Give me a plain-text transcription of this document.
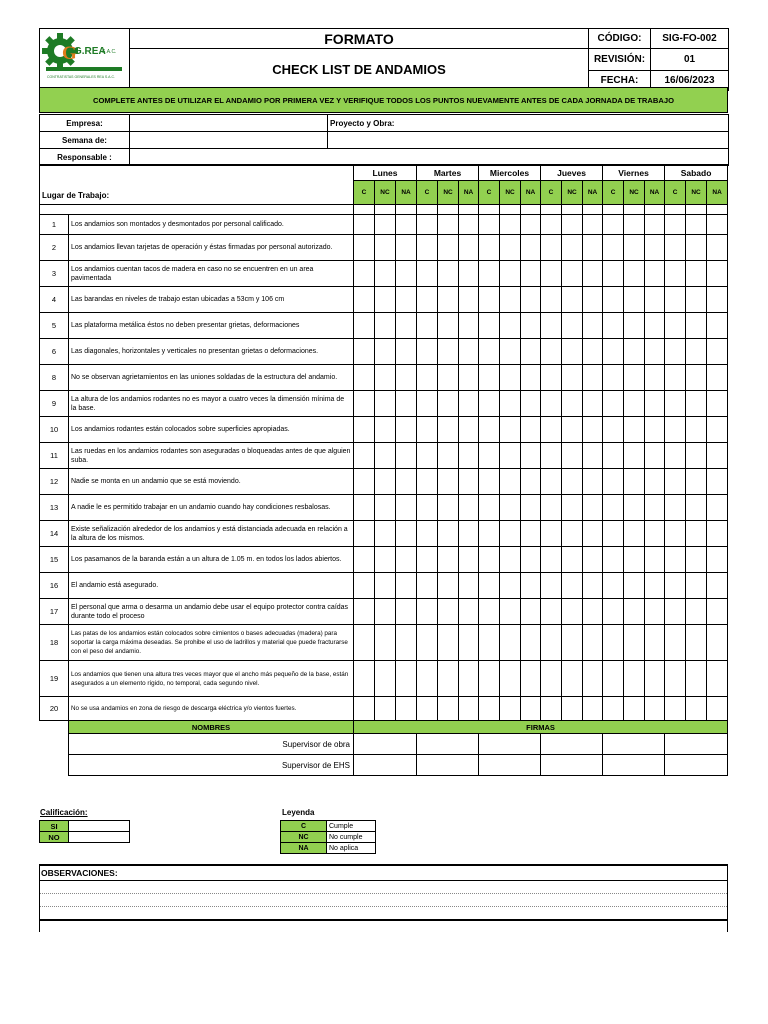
G
G.REA
S.A.C.
CONTRATISTAS GENERALES REA S.A.C.	FORMATO	CÓDIGO:	SIG-FO-002
	CHECK LIST DE ANDAMIOS	REVISIÓN:	01
		FECHA:	16/06/2023
COMPLETE ANTES DE UTILIZAR EL ANDAMIO POR PRIMERA VEZ Y VERIFIQUE TODOS LOS PUNTOS NUEVAMENTE ANTES DE CADA JORNADA DE TRABAJO
Empresa:		Proyecto y Obra:
Semana de:		
Responsable :		
Lugar de Trabajo:		Lunes			Martes			Miercoles			Jueves			Viernes			Sabado		
		C	NC	NA	C	NC	NA	C	NC	NA	C	NC	NA	C	NC	NA	C	NC	NA

1	Los andamios son montados y desmontados por personal calificado.																		
2	Los andamios llevan tarjetas de operación y éstas firmadas por personal autorizado.																		
3	Los andamios cuentan tacos de madera en caso no se encuentren en un area pavimentada																		
4	Las barandas en niveles de trabajo estan ubicadas a 53cm y 106 cm																		
5	Las plataforma metálica éstos no deben presentar grietas, deformaciones																		
6	Las diagonales, horizontales y verticales no presentan grietas o deformaciones.																		
8	No se observan agrietamientos en las uniones soldadas de la estructura del andamio.																		
9	La altura de los andamios rodantes no es mayor a cuatro veces la dimensión mínima de la base.																		
10	Los andamios rodantes están colocados sobre superficies apropiadas.																		
11	Las ruedas en los andamios rodantes son aseguradas o bloqueadas antes de que alguien suba.																		
12	Nadie se monta en un andamio que se está moviendo.																		
13	A nadie le es permitido trabajar en un andamio cuando hay condiciones resbalosas.																		
14	Existe señalización alrededor de los andamios y está distanciada adecuada en relación a la altura de los mismos.																		
15	Los pasamanos de la baranda están a un altura de 1.05 m. en todos los lados abiertos.																		
16	El andamio está asegurado.																		
17	El personal que arma o desarma un andamio debe usar el equipo protector contra caídas durante todo el proceso																		
18	Las patas de los andamios están colocados sobre cimientos o bases adecuadas (madera) para soportar la carga máxima deseadas. Se prohibe el uso de ladrillos y material que puede fracturarse con el peso del andamio.																		
19	Los andamios que tienen una altura tres veces mayor que el ancho más pequeño de la base, están asegurados a un elemento rígido, no temporal, cada segundo nivel.																		
20	No se usa andamios en zona de riesgo de descarga eléctrica y/o vientos fuertes.																		
	NOMBRES	FIRMAS																	
	Supervisor de obra																		
	Supervisor de EHS																		
Calificación:
SI	
NO	
Leyenda
C	Cumple
NC	No cumple
NA	No aplica
OBSERVACIONES:
